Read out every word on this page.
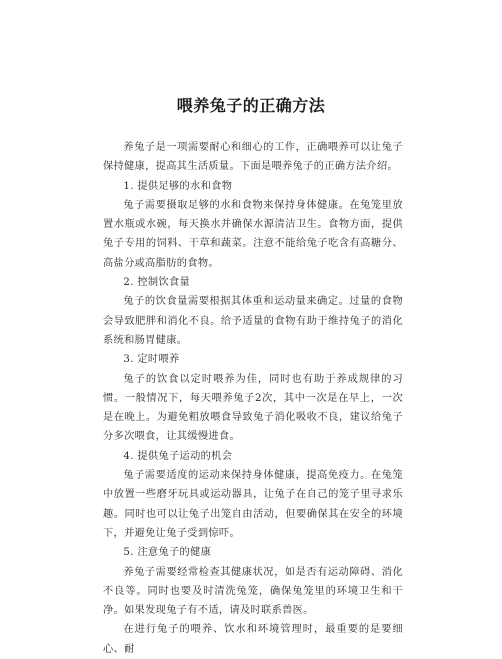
喂养兔子的正确方法

养兔子是一项需要耐心和细心的工作，正确喂养可以让兔子保持健康，提高其生活质量。下面是喂养兔子的正确方法介绍。

1. 提供足够的水和食物

兔子需要摄取足够的水和食物来保持身体健康。在兔笼里放置水瓶或水碗，每天换水并确保水源清洁卫生。食物方面，提供兔子专用的饲料、干草和蔬菜。注意不能给兔子吃含有高糖分、高盐分或高脂肪的食物。

2. 控制饮食量

兔子的饮食量需要根据其体重和运动量来确定。过量的食物会导致肥胖和消化不良。给予适量的食物有助于维持兔子的消化系统和肠胃健康。

3. 定时喂养

兔子的饮食以定时喂养为佳，同时也有助于养成规律的习惯。一般情况下，每天喂养兔子2次，其中一次是在早上，一次是在晚上。为避免粗放喂食导致兔子消化吸收不良，建议给兔子分多次喂食，让其缓慢进食。

4. 提供兔子运动的机会

兔子需要适度的运动来保持身体健康，提高免疫力。在兔笼中放置一些磨牙玩具或运动器具，让兔子在自己的笼子里寻求乐趣。同时也可以让兔子出笼自由活动，但要确保其在安全的环境下，并避免让兔子受到惊吓。

5. 注意兔子的健康

养兔子需要经常检查其健康状况，如是否有运动障碍、消化不良等。同时也要及时清洗兔笼，确保兔笼里的环境卫生和干净。如果发现兔子有不适，请及时联系兽医。

在进行兔子的喂养、饮水和环境管理时，最重要的是要细心、耐
